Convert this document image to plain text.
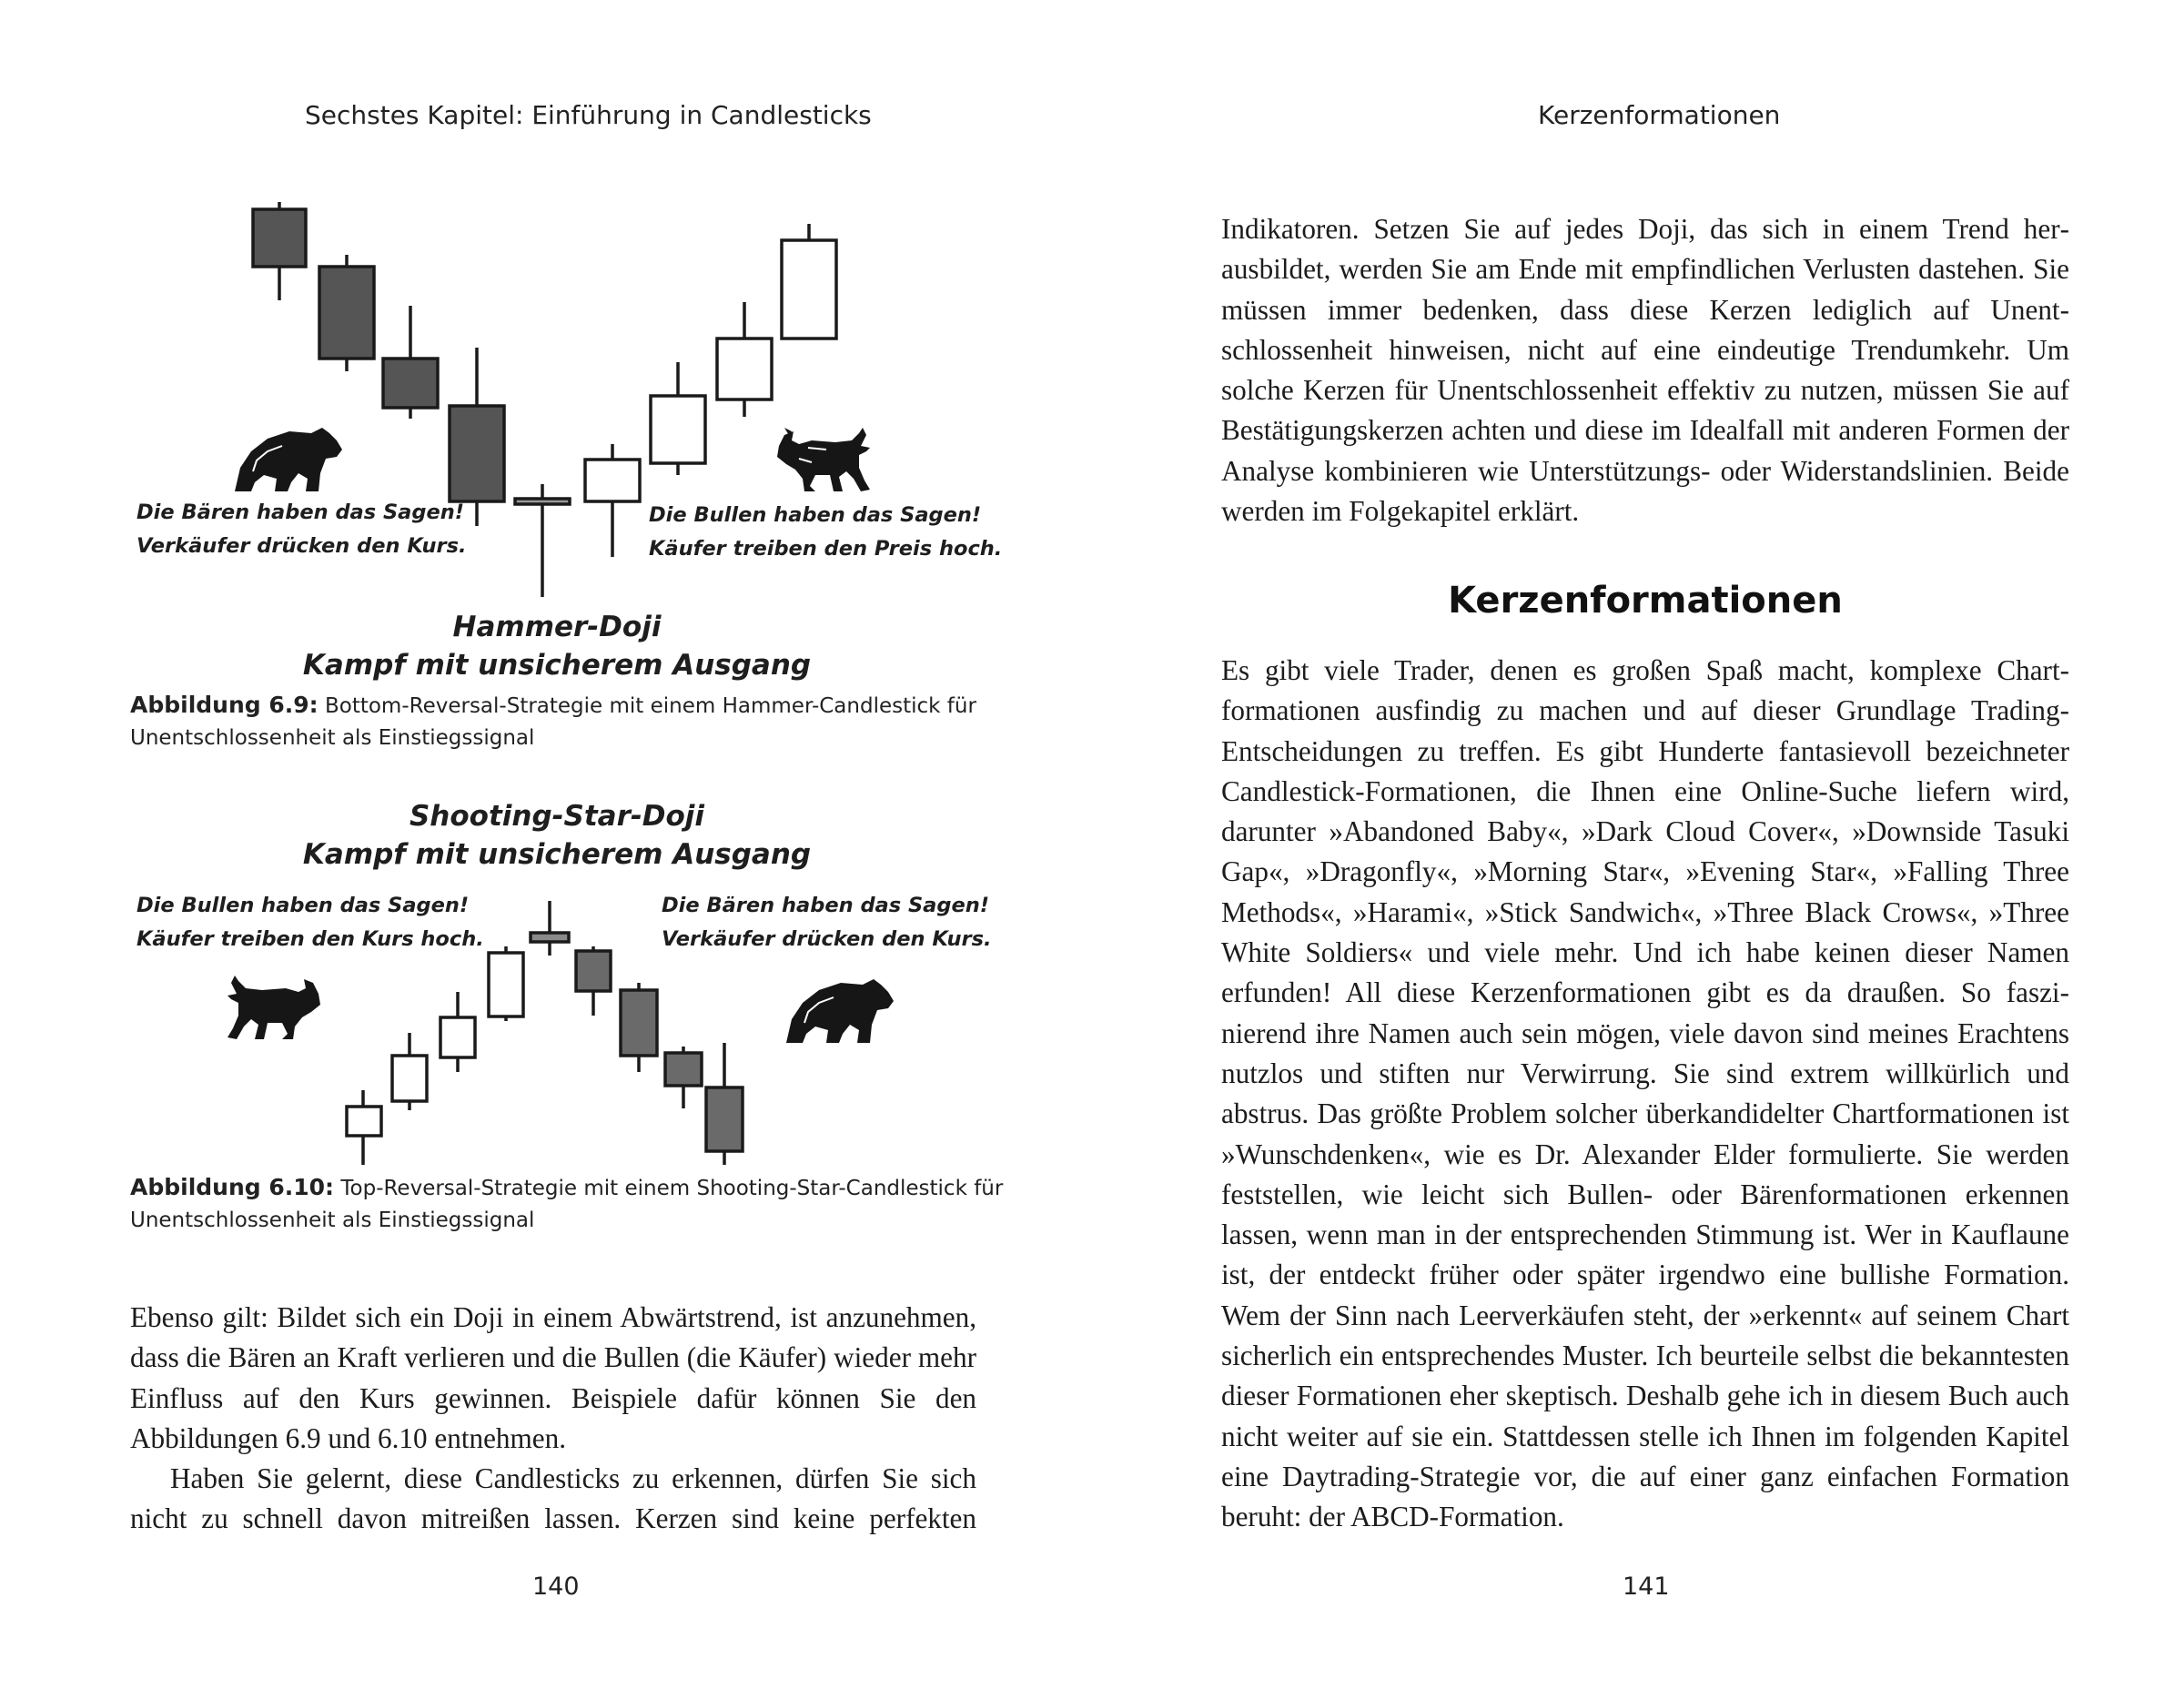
Sechstes Kapitel: Einführung in Candlesticks
Die Bären haben das Sagen!
Verkäufer drücken den Kurs.
Die Bullen haben das Sagen!
Käufer treiben den Preis hoch.
Hammer-Doji
Kampf mit unsicherem Ausgang
Abbildung 6.9: Bottom-Reversal-Strategie mit einem Hammer-Candlestick für Unentschlossenheit als Einstiegssignal
Shooting-Star-Doji
Kampf mit unsicherem Ausgang
Die Bullen haben das Sagen!
Käufer treiben den Kurs hoch.
Die Bären haben das Sagen!
Verkäufer drücken den Kurs.
Abbildung 6.10: Top-Reversal-Strategie mit einem Shooting-Star-Candlestick für Unentschlossenheit als Einstiegssignal

Ebenso gilt: Bildet sich ein Doji in einem Abwärtstrend, ist anzunehmen, dass die Bären an Kraft verlieren und die Bullen (die Käufer) wieder mehr Einfluss auf den Kurs gewinnen. Beispiele dafür können Sie den Abbildungen 6.9 und 6.10 entnehmen.

Haben Sie gelernt, diese Candlesticks zu erkennen, dürfen Sie sich nicht zu schnell davon mitreißen lassen. Kerzen sind keine perfekten

140
Kerzenformationen

Indikatoren. Setzen Sie auf jedes Doji, das sich in einem Trend herausbildet, werden Sie am Ende mit empfindlichen Verlusten dastehen. Sie müssen immer bedenken, dass diese Kerzen lediglich auf Unentschlossenheit hinweisen, nicht auf eine eindeutige Trendumkehr. Um solche Kerzen für Unentschlossenheit effektiv zu nutzen, müssen Sie auf Bestätigungskerzen achten und diese im Idealfall mit anderen Formen der Analyse kombinieren wie Unterstützungs- oder Widerstandslinien. Beide werden im Folgekapitel erklärt.

Kerzenformationen

Es gibt viele Trader, denen es großen Spaß macht, komplexe Chartformationen ausfindig zu machen und auf dieser Grundlage Trading-Entscheidungen zu treffen. Es gibt Hunderte fantasievoll bezeichneter Candlestick-Formationen, die Ihnen eine Online-Suche liefern wird, darunter »Abandoned Baby«, »Dark Cloud Cover«, »Downside Tasuki Gap«, »Dragonfly«, »Morning Star«, »Evening Star«, »Falling Three Methods«, »Harami«, »Stick Sandwich«, »Three Black Crows«, »Three White Soldiers« und viele mehr. Und ich habe keinen dieser Namen erfunden! All diese Kerzenformationen gibt es da draußen. So faszinierend ihre Namen auch sein mögen, viele davon sind meines Erachtens nutzlos und stiften nur Verwirrung. Sie sind extrem willkürlich und abstrus. Das größte Problem solcher überkandidelter Chartformationen ist »Wunschdenken«, wie es Dr. Alexander Elder formulierte. Sie werden feststellen, wie leicht sich Bullen- oder Bärenformationen erkennen lassen, wenn man in der entsprechenden Stimmung ist. Wer in Kauflaune ist, der entdeckt früher oder später irgendwo eine bullishe Formation. Wem der Sinn nach Leerverkäufen steht, der »erkennt« auf seinem Chart sicherlich ein entsprechendes Muster. Ich beurteile selbst die bekanntesten dieser Formationen eher skeptisch. Deshalb gehe ich in diesem Buch auch nicht weiter auf sie ein. Stattdessen stelle ich Ihnen im folgenden Kapitel eine Daytrading-Strategie vor, die auf einer ganz einfachen Formation beruht: der ABCD-Formation.

141
